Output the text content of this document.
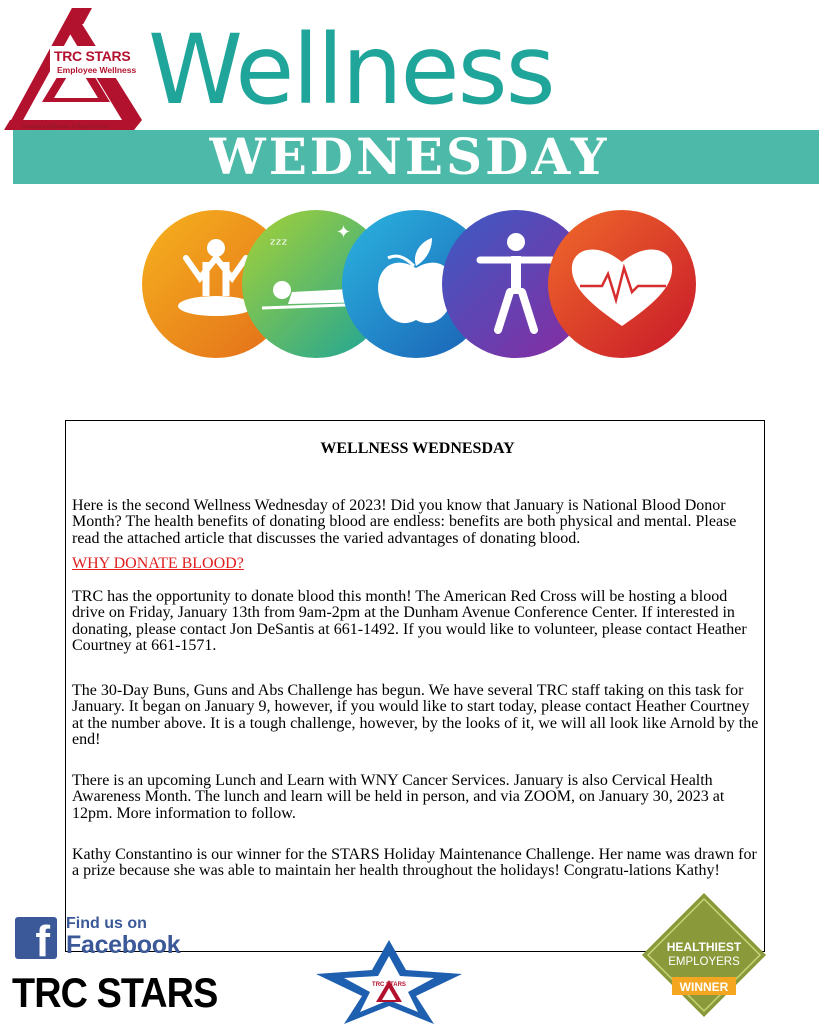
TRC STARS
Employee Wellness
Creating a Difference in People's Lives
Wellness
WEDNESDAY
ᶻᶻᶻ
✦
WELLNESS WEDNESDAY
Here is the second Wellness Wednesday of 2023! Did you know that January is National Blood Donor Month? The health benefits of donating blood are endless: benefits are both physical and mental. Please read the attached article that discusses the varied advantages of donating blood.
WHY DONATE BLOOD?
TRC has the opportunity to donate blood this month! The American Red Cross will be hosting a blood drive on Friday, January 13th from 9am-2pm at the Dunham Avenue Conference Center. If interested in donating, please contact Jon DeSantis at 661-1492. If you would like to volunteer, please contact Heather Courtney at 661-1571.
The 30-Day Buns, Guns and Abs Challenge has begun. We have several TRC staff taking on this task for January. It began on January 9, however, if you would like to start today, please contact Heather Courtney at the number above. It is a tough challenge, however, by the looks of it, we will all look like Arnold by the end!
There is an upcoming Lunch and Learn with WNY Cancer Services. January is also Cervical Health Awareness Month. The lunch and learn will be held in person, and via ZOOM, on January 30, 2023 at 12pm. More information to follow.
Kathy Constantino is our winner for the STARS Holiday Maintenance Challenge. Her name was drawn for a prize because she was able to maintain her health throughout the holidays! Congratu-lations Kathy!
f	Find us on
Facebook
TRC STARS	TRC STARS
HEALTHIEST
EMPLOYERS
WINNER
